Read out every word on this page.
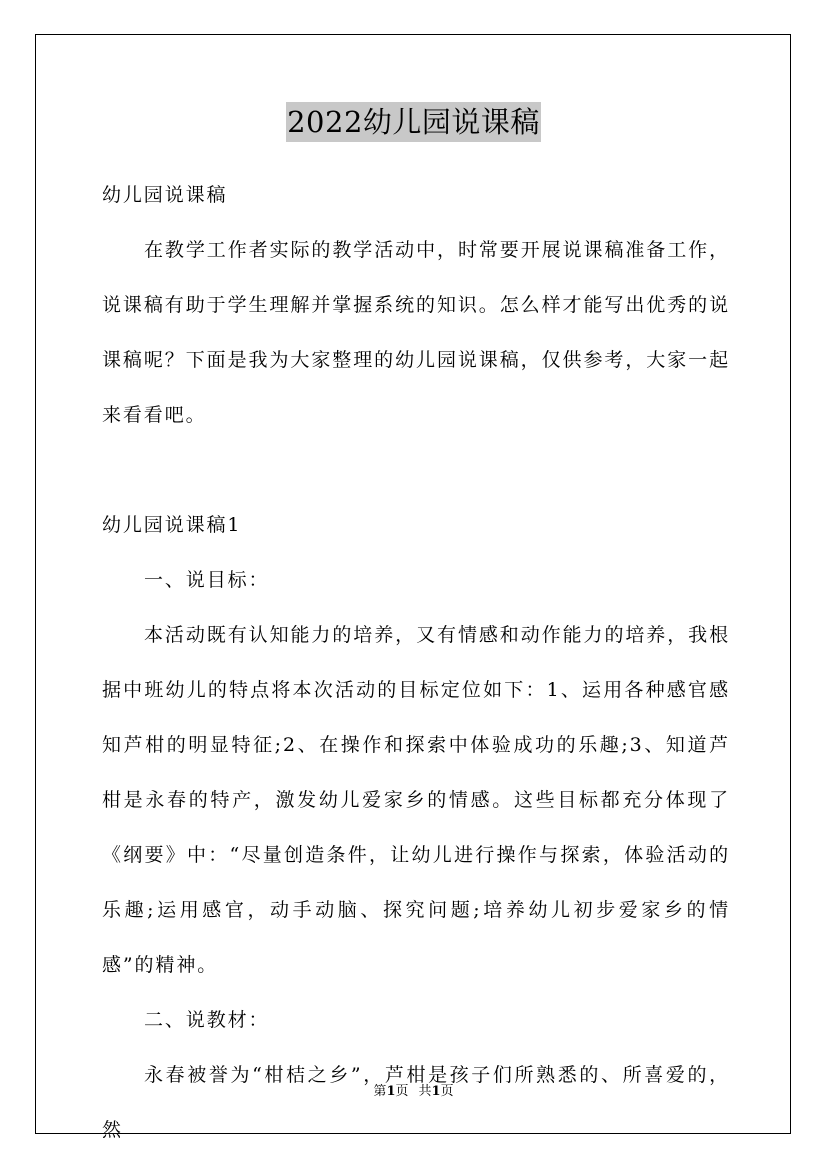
2022幼儿园说课稿

幼儿园说课稿

在教学工作者实际的教学活动中，时常要开展说课稿准备工作，说课稿有助于学生理解并掌握系统的知识。怎么样才能写出优秀的说课稿呢？下面是我为大家整理的幼儿园说课稿，仅供参考，大家一起来看看吧。

幼儿园说课稿1

一、说目标：

本活动既有认知能力的培养，又有情感和动作能力的培养，我根据中班幼儿的特点将本次活动的目标定位如下：1、运用各种感官感知芦柑的明显特征;2、在操作和探索中体验成功的乐趣;3、知道芦柑是永春的特产，激发幼儿爱家乡的情感。这些目标都充分体现了《纲要》中：“尽量创造条件，让幼儿进行操作与探索，体验活动的乐趣;运用感官，动手动脑、探究问题;培养幼儿初步爱家乡的情感”的精神。

二、说教材：

永春被誉为“柑桔之乡”，芦柑是孩子们所熟悉的、所喜爱的，然

第1页 共1页
